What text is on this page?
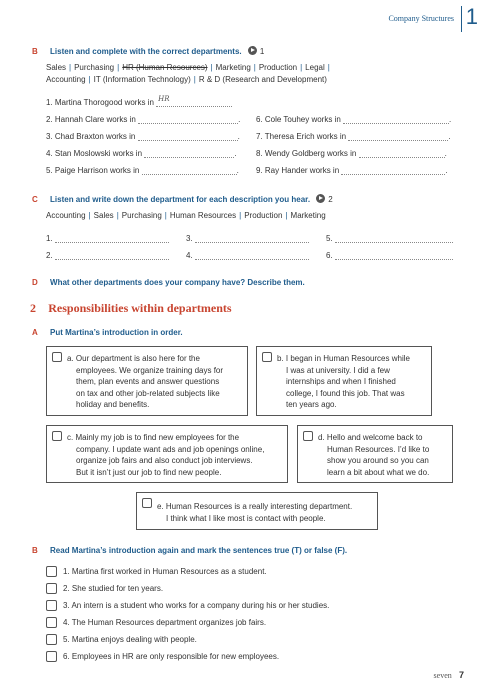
Company Structures 1
B Listen and complete with the correct departments. 1
Sales | Purchasing | HR (Human Resources) | Marketing | Production | Legal |
Accounting | IT (Information Technology) | R & D (Research and Development)
1. Martina Thorogood works in HR
2. Hannah Clare works in	.
3. Chad Braxton works in	.
4. Stan Moslowski works in	.
5. Paige Harrison works in	.
6. Cole Touhey works in	.
7. Theresa Erich works in	.
8. Wendy Goldberg works in	.
9. Ray Hander works in	.
C Listen and write down the department for each description you hear. 2
Accounting | Sales | Purchasing | Human Resources | Production | Marketing
1.	3.	5.
2.	4.	6.
D What other departments does your company have? Describe them.
2 Responsibilities within departments
A Put Martina’s introduction in order.
a. Our department is also here for the
employees. We organize training days for
them, plan events and answer questions
on tax and other job-related subjects like
holiday and benefits.
b. I began in Human Resources while
I was at university. I did a few
internships and when I finished
college, I found this job. That was
ten years ago.
c. Mainly my job is to find new employees for the
company. I update want ads and job openings online,
organize job fairs and also conduct job interviews.
But it isn’t just our job to find new people.
d. Hello and welcome back to
Human Resources. I’d like to
show you around so you can
learn a bit about what we do.
e. Human Resources is a really interesting department.
I think what I like most is contact with people.
B Read Martina’s introduction again and mark the sentences true (T) or false (F).
1. Martina first worked in Human Resources as a student.
2. She studied for ten years.
3. An intern is a student who works for a company during his or her studies.
4. The Human Resources department organizes job fairs.
5. Martina enjoys dealing with people.
6. Employees in HR are only responsible for new employees.
seven 7
